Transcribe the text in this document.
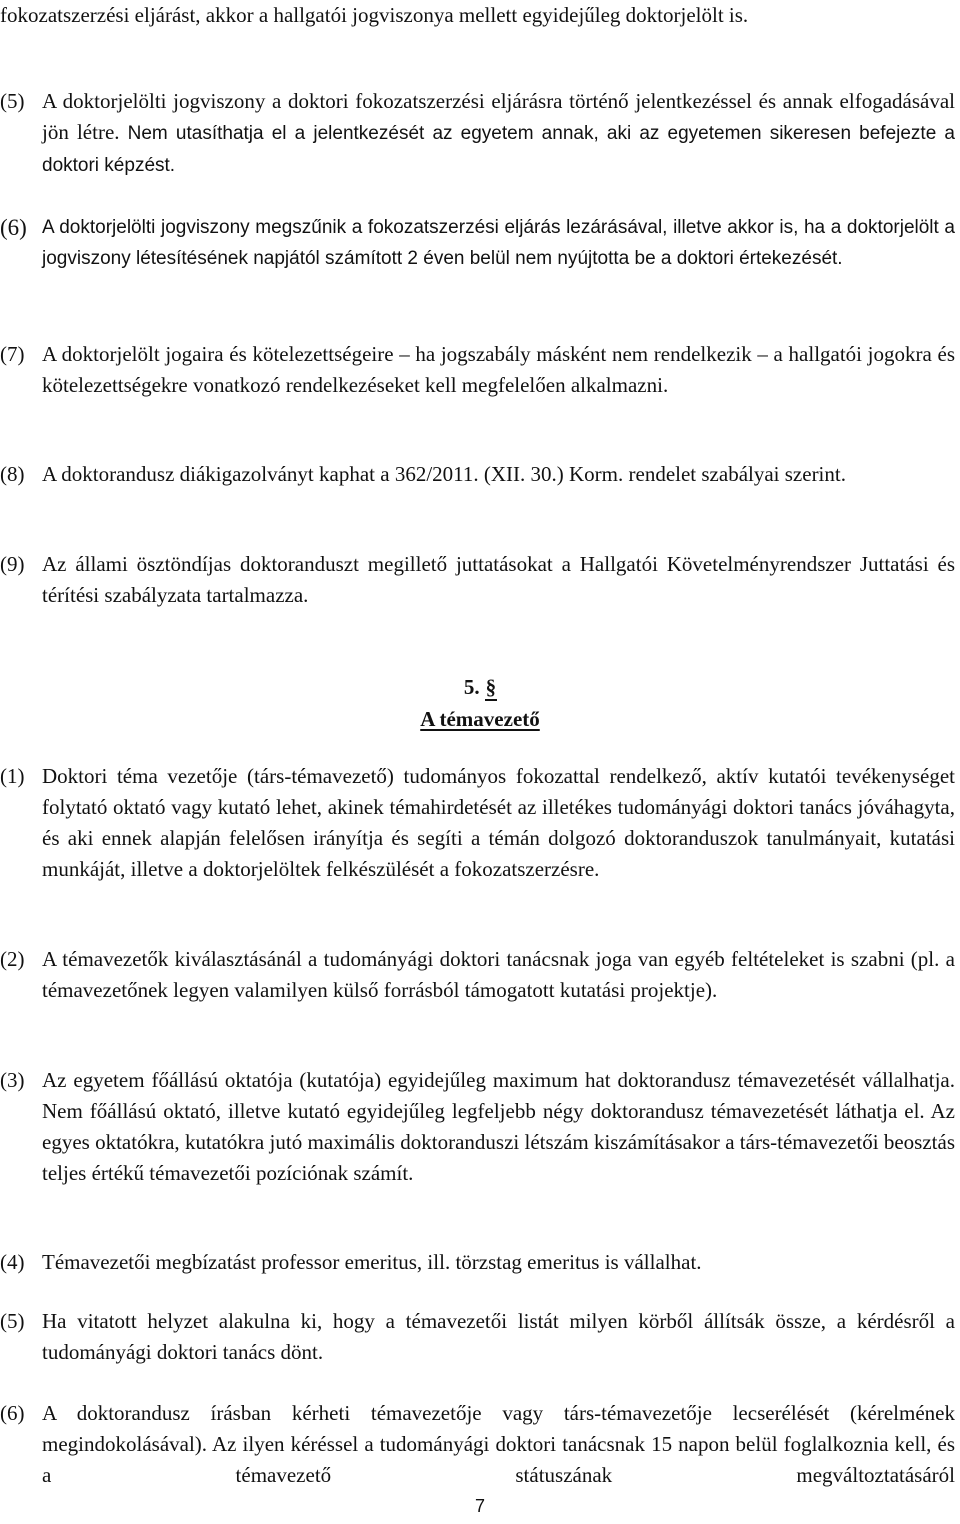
fokozatszerzési eljárást, akkor a hallgatói jogviszonya mellett egyidejűleg doktorjelölt is.

(5) A doktorjelölti jogviszony a doktori fokozatszerzési eljárásra történő jelentkezéssel és annak elfogadásával jön létre. Nem utasíthatja el a jelentkezését az egyetem annak, aki az egyetemen sikeresen befejezte a doktori képzést.
(6) A doktorjelölti jogviszony megszűnik a fokozatszerzési eljárás lezárásával, illetve akkor is, ha a doktorjelölt a jogviszony létesítésének napjától számított 2 éven belül nem nyújtotta be a doktori értekezését.
(7) A doktorjelölt jogaira és kötelezettségeire – ha jogszabály másként nem rendelkezik – a hallgatói jogokra és kötelezettségekre vonatkozó rendelkezéseket kell megfelelően alkalmazni.
(8) A doktorandusz diákigazolványt kaphat a 362/2011. (XII. 30.) Korm. rendelet szabályai szerint.
(9) Az állami ösztöndíjas doktoranduszt megillető juttatásokat a Hallgatói Követelményrendszer Juttatási és térítési szabályzata tartalmazza.

5. §

A témavezető

(1) Doktori téma vezetője (társ-témavezető) tudományos fokozattal rendelkező, aktív kutatói tevékenységet folytató oktató vagy kutató lehet, akinek témahirdetését az illetékes tudományági doktori tanács jóváhagyta, és aki ennek alapján felelősen irányítja és segíti a témán dolgozó doktoranduszok tanulmányait, kutatási munkáját, illetve a doktorjelöltek felkészülését a fokozatszerzésre.
(2) A témavezetők kiválasztásánál a tudományági doktori tanácsnak joga van egyéb feltételeket is szabni (pl. a témavezetőnek legyen valamilyen külső forrásból támogatott kutatási projektje).
(3) Az egyetem főállású oktatója (kutatója) egyidejűleg maximum hat doktorandusz témavezetését vállalhatja. Nem főállású oktató, illetve kutató egyidejűleg legfeljebb négy doktorandusz témavezetését láthatja el. Az egyes oktatókra, kutatókra jutó maximális doktoranduszi létszám kiszámításakor a társ-témavezetői beosztás teljes értékű témavezetői pozíciónak számít.
(4) Témavezetői megbízatást professor emeritus, ill. törzstag emeritus is vállalhat.
(5) Ha vitatott helyzet alakulna ki, hogy a témavezetői listát milyen körből állítsák össze, a kérdésről a tudományági doktori tanács dönt.
(6) A doktorandusz írásban kérheti témavezetője vagy társ-témavezetője lecserélését (kérelmének megindokolásával). Az ilyen kéréssel a tudományági doktori tanácsnak 15 napon belül foglalkoznia kell, és a témavezető státuszának megváltoztatásáról
7
